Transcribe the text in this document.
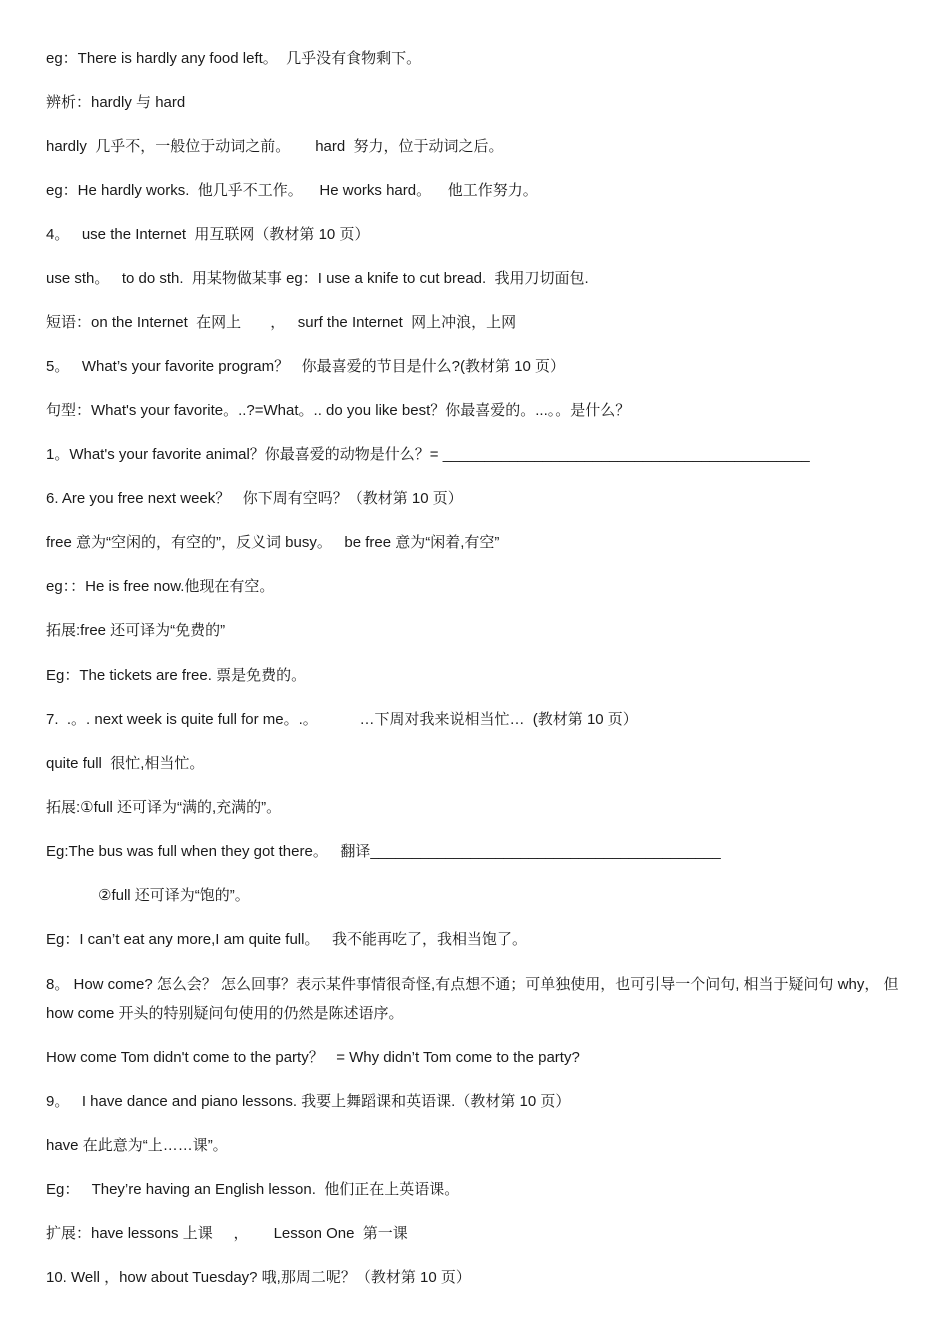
eg：There is hardly any food left。  几乎没有食物剩下。
辨析：hardly 与 hard
hardly  几乎不，一般位于动词之前。      hard  努力，位于动词之后。
eg：He hardly works.  他几乎不工作。    He works hard。    他工作努力。
4。   use the Internet  用互联网（教材第 10 页）
use sth。   to do sth.  用某物做某事 eg：I use a knife to cut bread.  我用刀切面包.
短语：on the Internet  在网上       ，   surf the Internet  网上冲浪，上网
5。   What’s your favorite program？   你最喜爱的节目是什么?(教材第 10 页）
句型：What's your favorite。..?=What。.. do you like best？你最喜爱的。...。。是什么？
1。What's your favorite animal？你最喜爱的动物是什么？= ____________________________________________
6. Are you free next week？   你下周有空吗？（教材第 10 页）
free 意为“空闲的，有空的”，反义词 busy。   be free 意为“闲着,有空”
eg：：He is free now.他现在有空。
拓展:free 还可译为“免费的”
Eg：The tickets are free. 票是免费的。
7.  .。. next week is quite full for me。.。          …下周对我来说相当忙…  (教材第 10 页）
quite full  很忙,相当忙。
拓展:①full 还可译为“满的,充满的”。
Eg:The bus was full when they got there。   翻译__________________________________________
②full 还可译为“饱的”。
Eg：I can’t eat any more,I am quite full。   我不能再吃了，我相当饱了。
8。 How come? 怎么会？ 怎么回事？表示某件事情很奇怪,有点想不通；可单独使用，也可引导一个问句, 相当于疑问句 why， 但 how come 开头的特别疑问句使用的仍然是陈述语序。
How come Tom didn't come to the party？   = Why didn’t Tom come to the party?
9。   I have dance and piano lessons. 我要上舞蹈课和英语课.（教材第 10 页）
have 在此意为“上……课”。
Eg：   They’re having an English lesson.  他们正在上英语课。
扩展：have lessons 上课     ，      Lesson One  第一课
10. Well ，how about Tuesday? 哦,那周二呢？（教材第 10 页）
